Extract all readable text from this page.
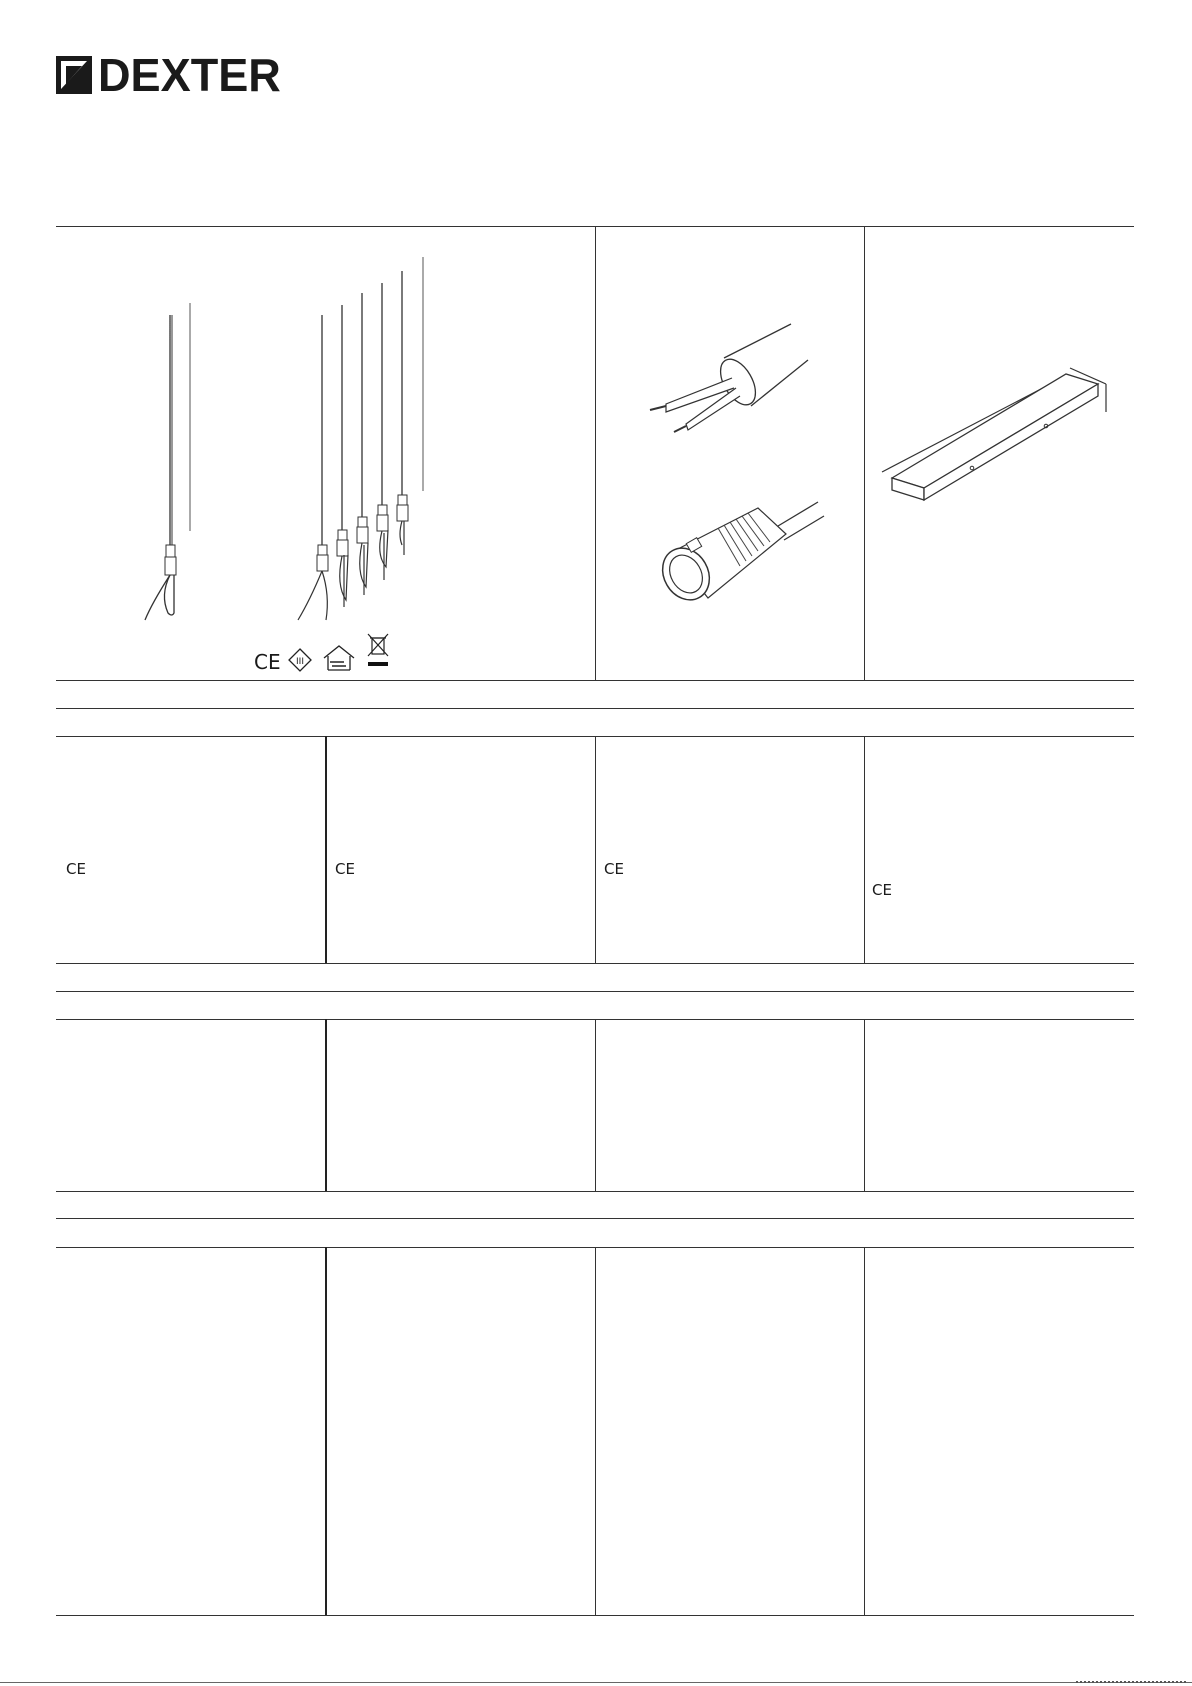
DEXTER
CE III
CE	CE	CE
CE
